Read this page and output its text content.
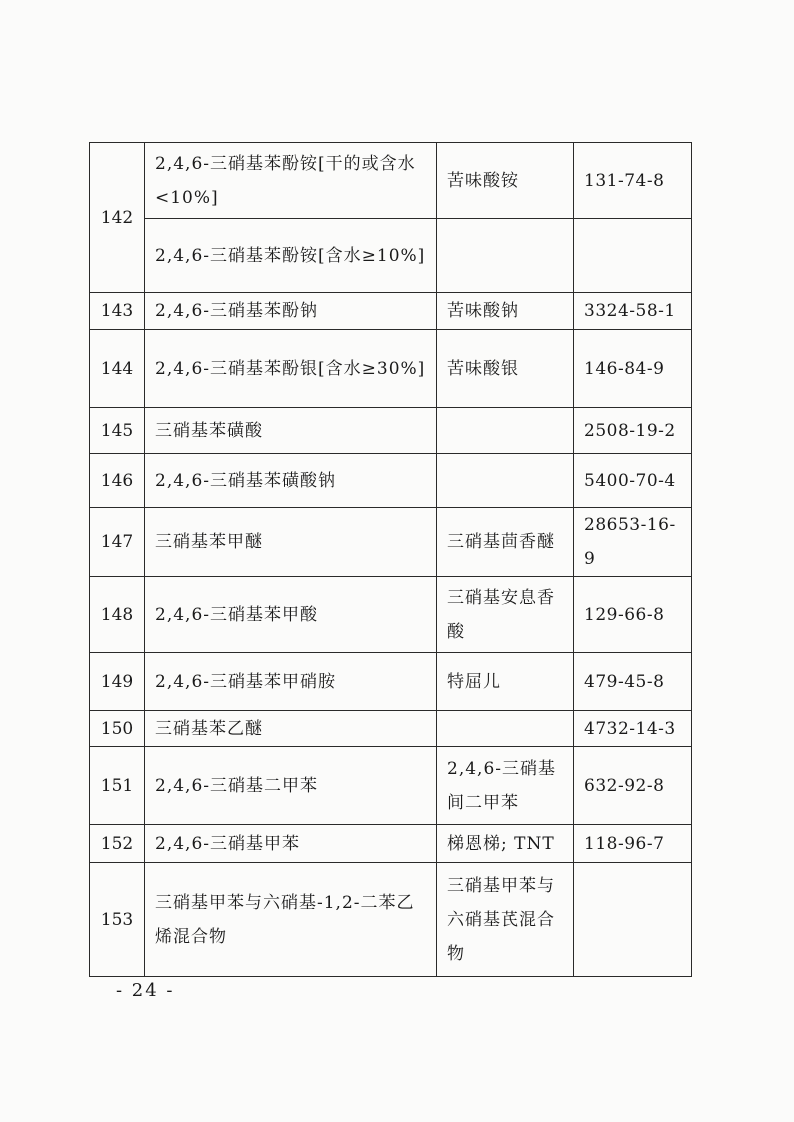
142	2,4,6-三硝基苯酚铵[干的或含水<10%]	苦味酸铵	131-74-8
	2,4,6-三硝基苯酚铵[含水≥10%]		
143	2,4,6-三硝基苯酚钠	苦味酸钠	3324-58-1
144	2,4,6-三硝基苯酚银[含水≥30%]	苦味酸银	146-84-9
145	三硝基苯磺酸		2508-19-2
146	2,4,6-三硝基苯磺酸钠		5400-70-4
147	三硝基苯甲醚	三硝基茴香醚	28653-16-9
148	2,4,6-三硝基苯甲酸	三硝基安息香酸	129-66-8
149	2,4,6-三硝基苯甲硝胺	特屈儿	479-45-8
150	三硝基苯乙醚		4732-14-3
151	2,4,6-三硝基二甲苯	2,4,6-三硝基间二甲苯	632-92-8
152	2,4,6-三硝基甲苯	梯恩梯; TNT	118-96-7
153	三硝基甲苯与六硝基-1,2-二苯乙烯混合物	三硝基甲苯与六硝基芪混合物	
- 24 -
